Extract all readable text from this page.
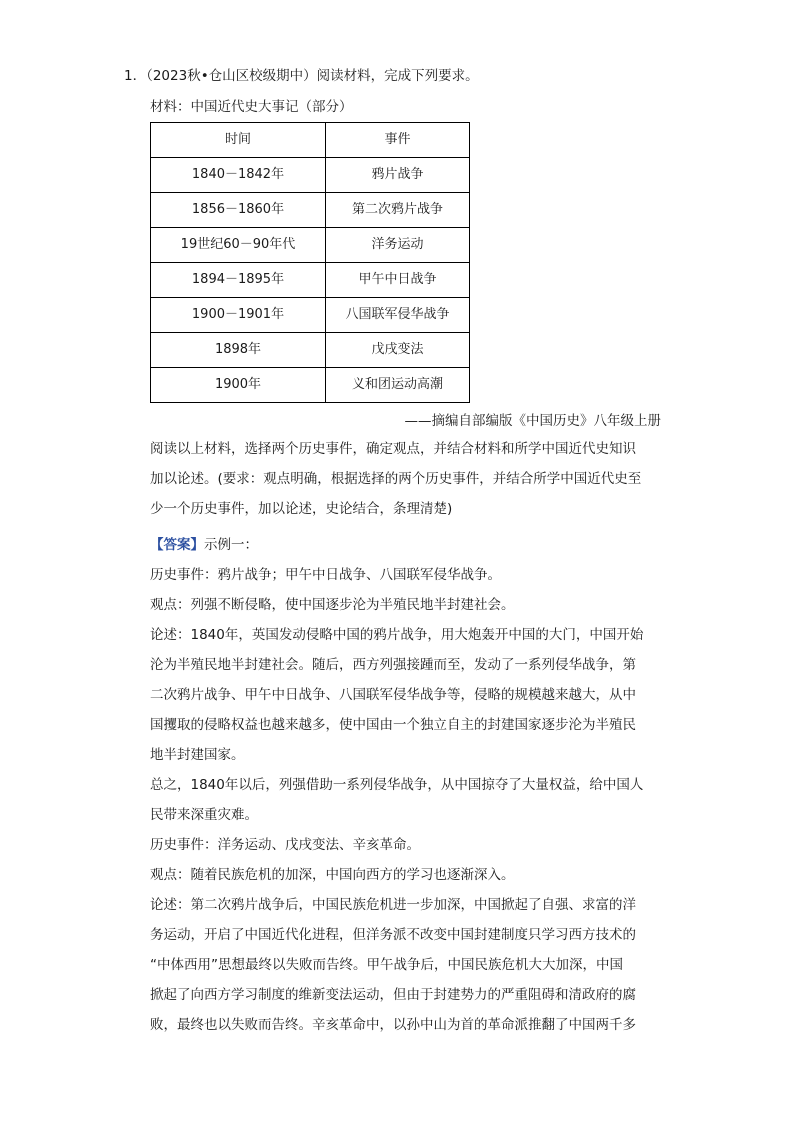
1．（2023秋•仓山区校级期中）阅读材料，完成下列要求。
材料：中国近代史大事记（部分）
时间	事件
1840－1842年	鸦片战争
1856－1860年	第二次鸦片战争
19世纪60－90年代	洋务运动
1894－1895年	甲午中日战争
1900－1901年	八国联军侵华战争
1898年	戊戌变法
1900年	义和团运动高潮
——摘编自部编版《中国历史》八年级上册
阅读以上材料，选择两个历史事件，确定观点，并结合材料和所学中国近代史知识
加以论述。(要求：观点明确，根据选择的两个历史事件，并结合所学中国近代史至
少一个历史事件，加以论述，史论结合，条理清楚)
【答案】示例一：
历史事件：鸦片战争；甲午中日战争、八国联军侵华战争。
观点：列强不断侵略，使中国逐步沦为半殖民地半封建社会。
论述：1840年，英国发动侵略中国的鸦片战争，用大炮轰开中国的大门，中国开始
沦为半殖民地半封建社会。随后，西方列强接踵而至，发动了一系列侵华战争，第
二次鸦片战争、甲午中日战争、八国联军侵华战争等，侵略的规模越来越大，从中
国攫取的侵略权益也越来越多，使中国由一个独立自主的封建国家逐步沦为半殖民
地半封建国家。
总之，1840年以后，列强借助一系列侵华战争，从中国掠夺了大量权益，给中国人
民带来深重灾难。
历史事件：洋务运动、戊戌变法、辛亥革命。
观点：随着民族危机的加深，中国向西方的学习也逐渐深入。
论述：第二次鸦片战争后，中国民族危机进一步加深，中国掀起了自强、求富的洋
务运动，开启了中国近代化进程，但洋务派不改变中国封建制度只学习西方技术的
“中体西用”思想最终以失败而告终。甲午战争后，中国民族危机大大加深，中国
掀起了向西方学习制度的维新变法运动，但由于封建势力的严重阻碍和清政府的腐
败，最终也以失败而告终。辛亥革命中，以孙中山为首的革命派推翻了中国两千多
